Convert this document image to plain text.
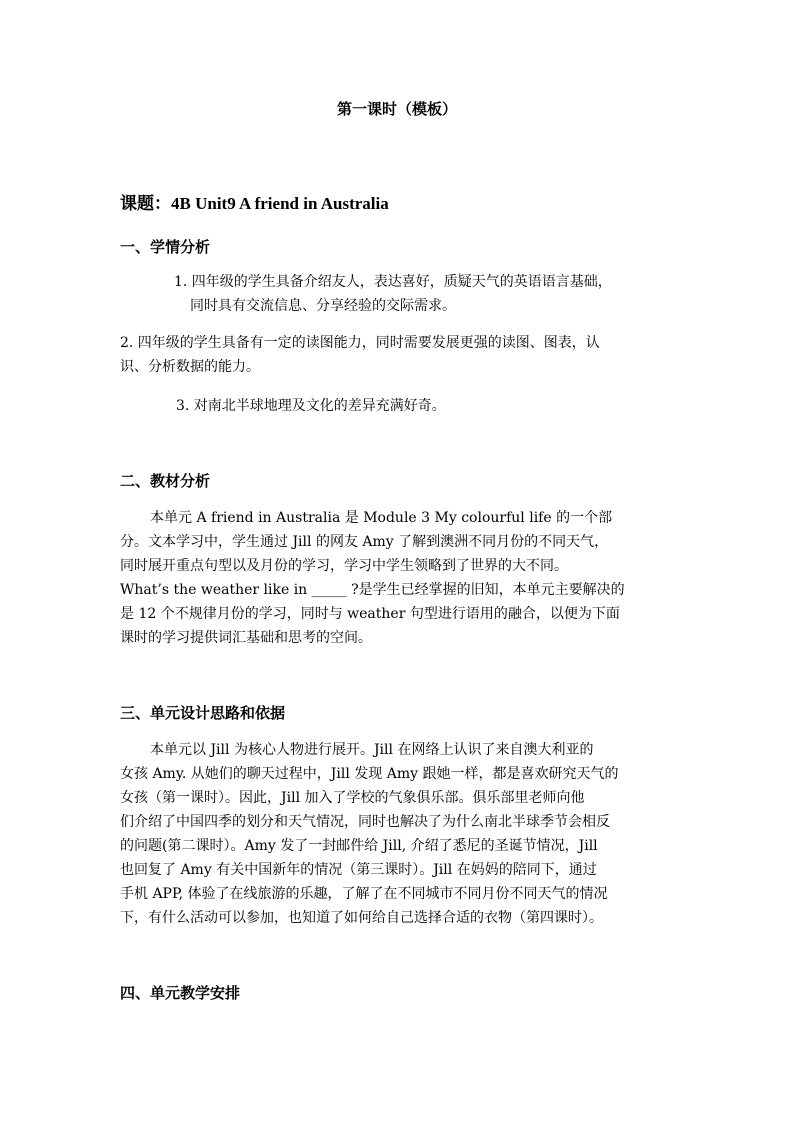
第一课时（模板）
课题：4B Unit9 A friend in Australia
一、学情分析
1. 四年级的学生具备介绍友人，表达喜好，质疑天气的英语语言基础，
同时具有交流信息、分享经验的交际需求。
2. 四年级的学生具备有一定的读图能力，同时需要发展更强的读图、图表，认
识、分析数据的能力。
3. 对南北半球地理及文化的差异充满好奇。
二、教材分析
本单元 A friend in Australia 是 Module 3 My colourful life 的一个部
分。文本学习中，学生通过 Jill 的网友 Amy 了解到澳洲不同月份的不同天气，
同时展开重点句型以及月份的学习，学习中学生领略到了世界的大不同。
What’s the weather like in _____ ?是学生已经掌握的旧知，本单元主要解决的
是 12 个不规律月份的学习，同时与 weather 句型进行语用的融合，以便为下面
课时的学习提供词汇基础和思考的空间。
三、单元设计思路和依据
本单元以 Jill 为核心人物进行展开。Jill 在网络上认识了来自澳大利亚的
女孩 Amy. 从她们的聊天过程中，Jill 发现 Amy 跟她一样，都是喜欢研究天气的
女孩（第一课时）。因此，Jill 加入了学校的气象俱乐部。俱乐部里老师向他
们介绍了中国四季的划分和天气情况，同时也解决了为什么南北半球季节会相反
的问题(第二课时）。Amy 发了一封邮件给 Jill, 介绍了悉尼的圣诞节情况，Jill
也回复了 Amy 有关中国新年的情况（第三课时）。Jill 在妈妈的陪同下，通过
手机 APP, 体验了在线旅游的乐趣，了解了在不同城市不同月份不同天气的情况
下，有什么活动可以参加，也知道了如何给自己选择合适的衣物（第四课时）。
四、单元教学安排
